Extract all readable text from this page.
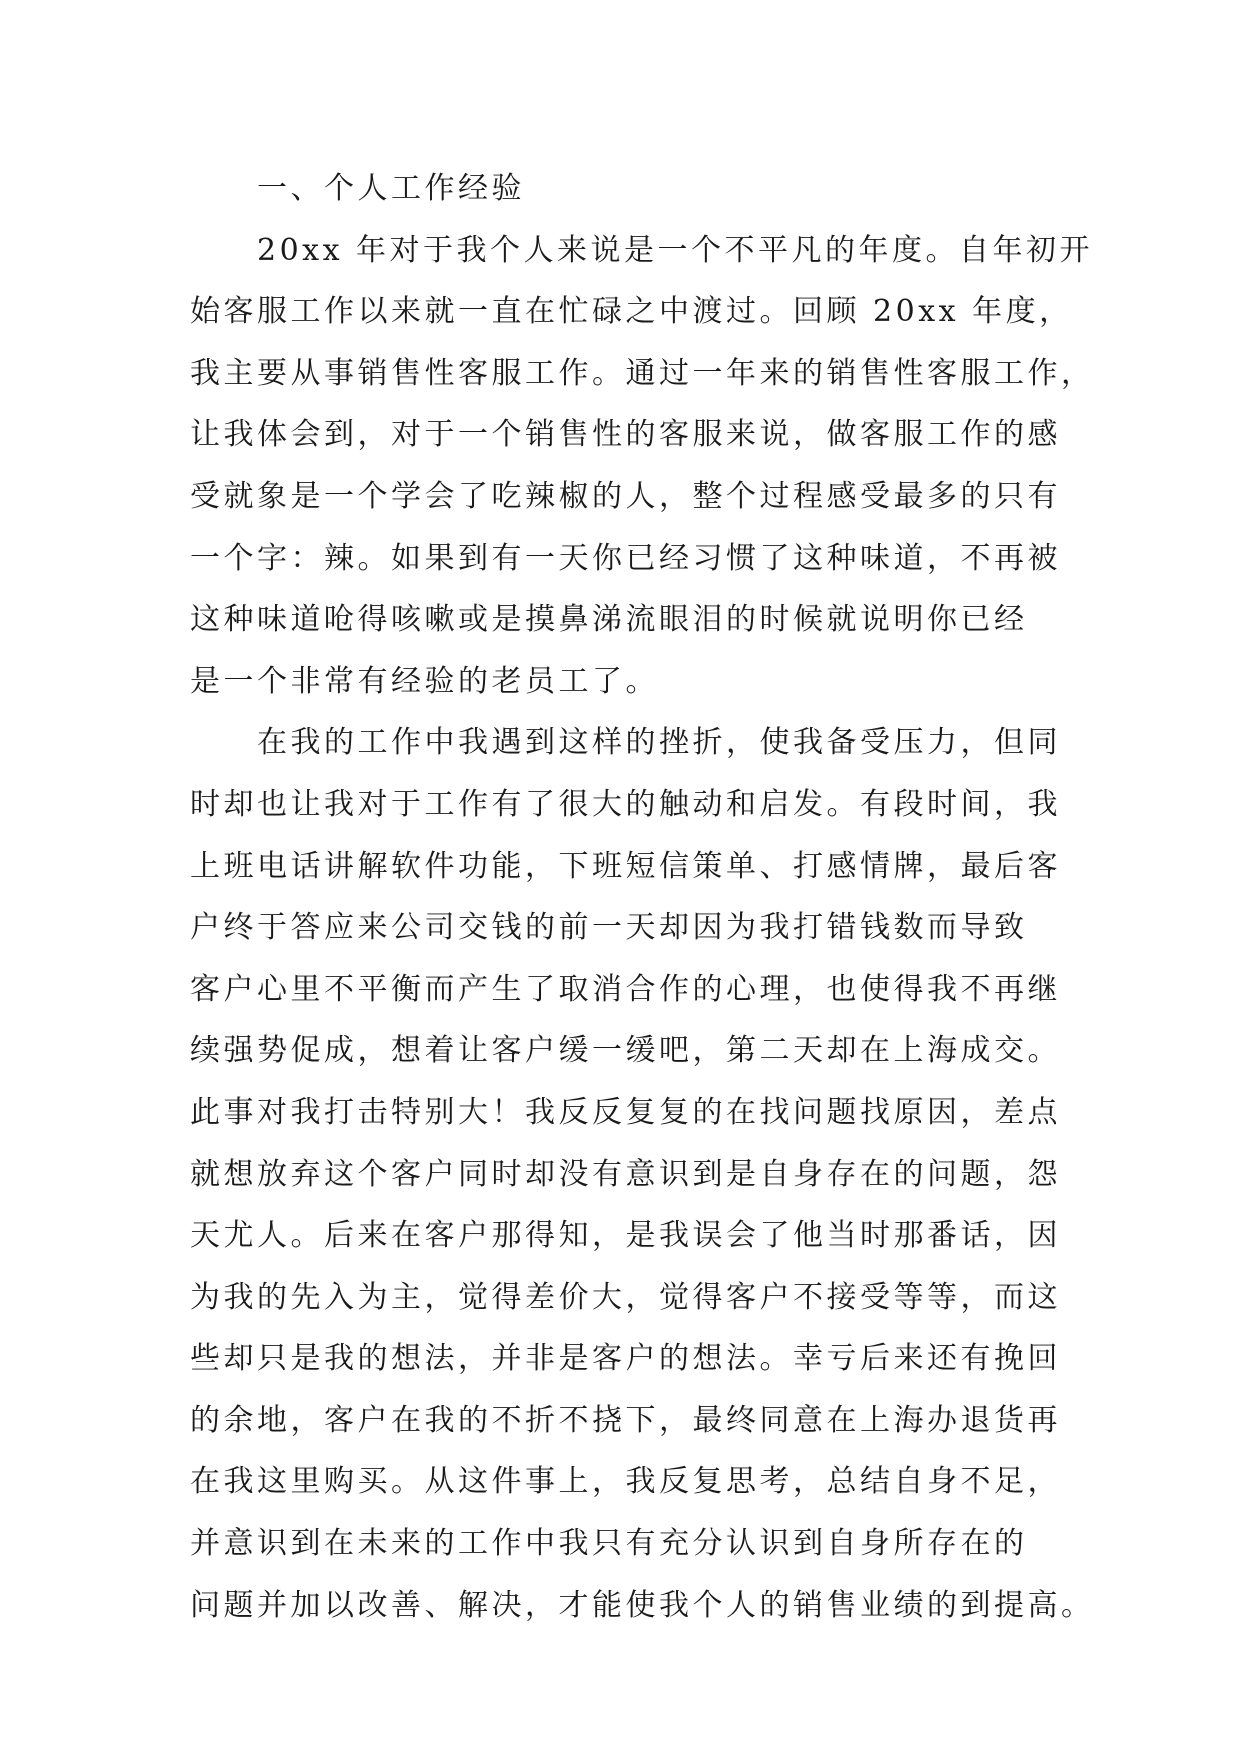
一、个人工作经验
20xx 年对于我个人来说是一个不平凡的年度。自年初开
始客服工作以来就一直在忙碌之中渡过。回顾 20xx 年度，
我主要从事销售性客服工作。通过一年来的销售性客服工作，
让我体会到，对于一个销售性的客服来说，做客服工作的感
受就象是一个学会了吃辣椒的人，整个过程感受最多的只有
一个字：辣。如果到有一天你已经习惯了这种味道，不再被
这种味道呛得咳嗽或是摸鼻涕流眼泪的时候就说明你已经
是一个非常有经验的老员工了。
在我的工作中我遇到这样的挫折，使我备受压力，但同
时却也让我对于工作有了很大的触动和启发。有段时间，我
上班电话讲解软件功能，下班短信策单、打感情牌，最后客
户终于答应来公司交钱的前一天却因为我打错钱数而导致
客户心里不平衡而产生了取消合作的心理，也使得我不再继
续强势促成，想着让客户缓一缓吧，第二天却在上海成交。
此事对我打击特别大！我反反复复的在找问题找原因，差点
就想放弃这个客户同时却没有意识到是自身存在的问题，怨
天尤人。后来在客户那得知，是我误会了他当时那番话，因
为我的先入为主，觉得差价大，觉得客户不接受等等，而这
些却只是我的想法，并非是客户的想法。幸亏后来还有挽回
的余地，客户在我的不折不挠下，最终同意在上海办退货再
在我这里购买。从这件事上，我反复思考，总结自身不足，
并意识到在未来的工作中我只有充分认识到自身所存在的
问题并加以改善、解决，才能使我个人的销售业绩的到提高。
